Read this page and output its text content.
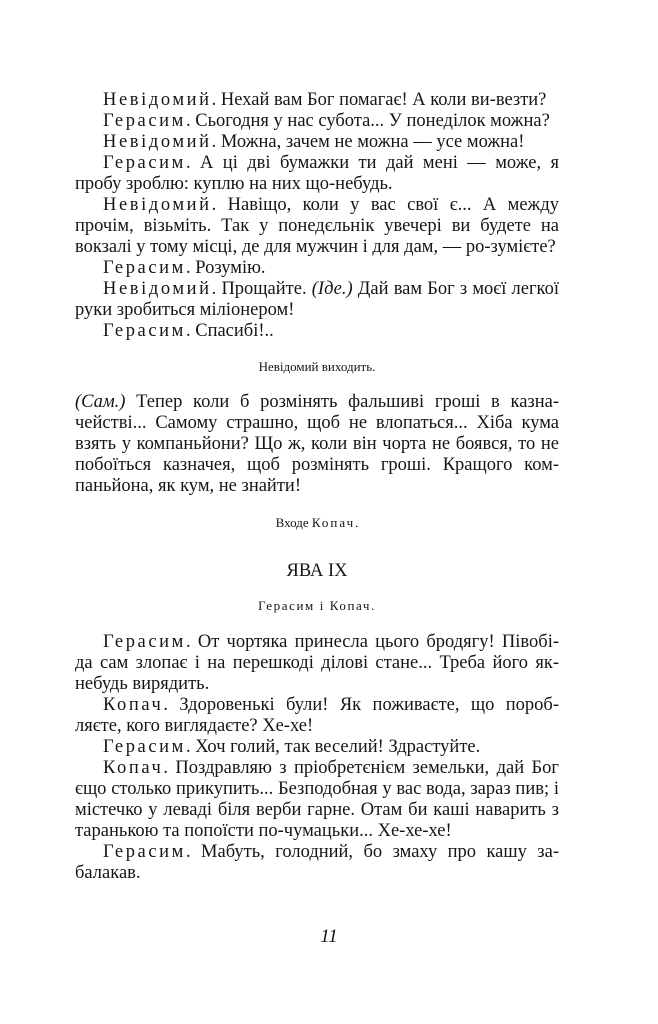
Невідомий. Нехай вам Бог помагає! А коли ви-везти?

Герасим. Сьогодня у нас субота... У понеділок можна?

Невідомий. Можна, зачем не можна — усе можна!

Герасим. А ці дві бумажки ти дай мені — може, я пробу зроблю: куплю на них що-небудь.

Невідомий. Навіщо, коли у вас свої є... А между прочім, візьміть. Так у понедєльнік увечері ви будете на вокзалі у тому місці, де для мужчин і для дам, — ро-зумієте?

Герасим. Розумію.

Невідомий. Прощайте. (Іде.) Дай вам Бог з моєї легкої руки зробиться міліонером!

Герасим. Спасибі!..

Невідомий виходить.

(Сам.) Тепер коли б розмінять фальшиві гроші в казна-чействі... Самому страшно, щоб не влопаться... Хіба кума взять у компаньйони? Що ж, коли він чорта не боявся, то не побоїться казначея, щоб розмінять гроші. Кращого ком-паньйона, як кум, не знайти!

Входе Копач.

ЯВА IX

Герасим і Копач.

Герасим. От чортяка принесла цього бродягу! Півобі-да сам злопає і на перешкоді ділові стане... Треба його як-небудь вирядить.

Копач. Здоровенькі були! Як поживаєте, що пороб-ляєте, кого виглядаєте? Хе-хе!

Герасим. Хоч голий, так веселий! Здрастуйте.

Копач. Поздравляю з пріобретєнієм земельки, дай Бог єщо столько прикупить... Безподобная у вас вода, зараз пив; і містечко у леваді біля верби гарне. Отам би каші наварить з таранькою та попоїсти по-чумацьки... Хе-хе-хе!

Герасим. Мабуть, голодний, бо змаху про кашу за-балакав.

11
